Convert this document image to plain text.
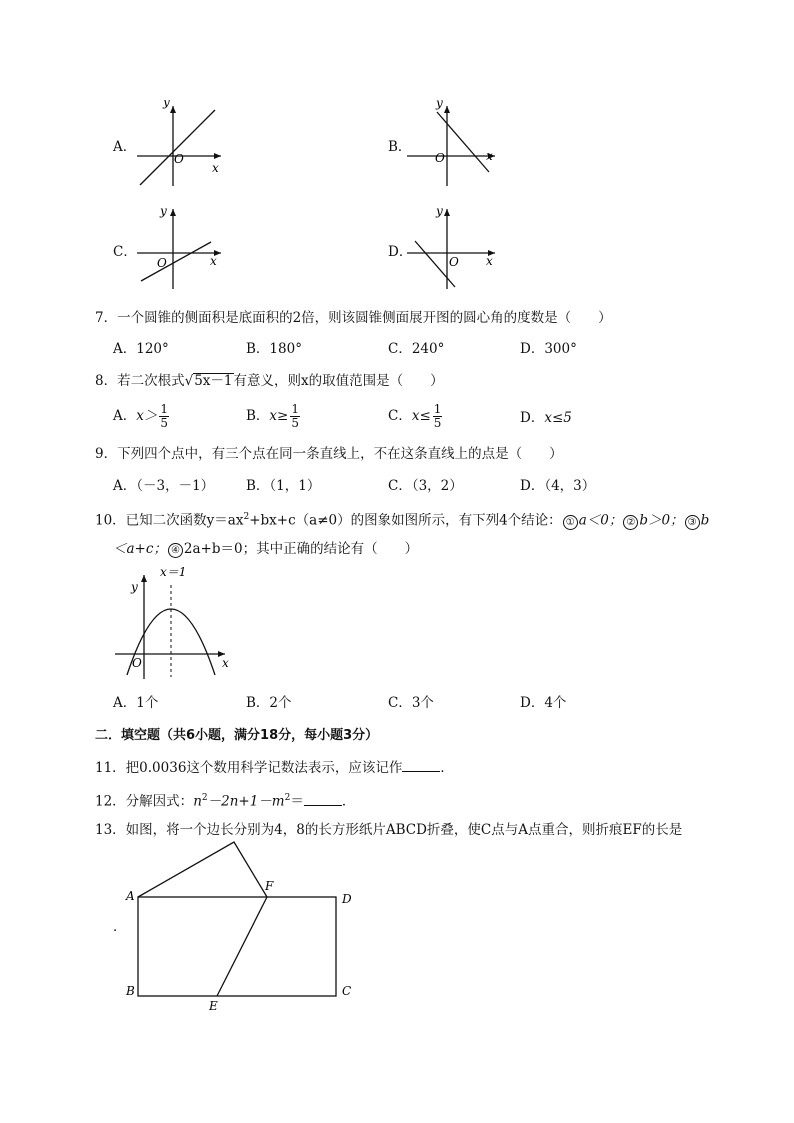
A．
y
x
O
B．
y
x
O
C．
y
x
O
D．
y
x
O
7．一个圆锥的侧面积是底面积的2倍，则该圆锥侧面展开图的圆心角的度数是（　　）
A．120°	B．180°	C．240°	D．300°
8．若二次根式√5x－1有意义，则x的取值范围是（　　）
A．$x> \frac{1}{5}$	B．$x\ge \frac{1}{5}$	C．$x\le \frac{1}{5}$	D．x≤5
9．下列四个点中，有三个点在同一条直线上，不在这条直线上的点是（　　）
A．（－3，－1） B．（1，1）	C．（3，2）	D．（4，3）
10．已知二次函数$y=ax^2+bx+c(a\ne 0)$的图象如图所示，有下列4个结论： ① a＜0； ② b＞0； ③ b
＜a+c； ④ 2a+b＝0；其中正确的结论有（　　）
y
x
O
x＝1
A．1个	B．2个	C．3个	D．4个
二．填空题（共6小题，满分18分，每小题3分）
11．把0.0036这个数用科学记数法表示，应该记作	．
12．分解因式：$n^2-2n+1-m^2=$	．
13．如图，将一个边长分别为4，8的长方形纸片ABCD折叠，使C点与A点重合，则折痕EF的长是
．
A
B	C
D
E
F
